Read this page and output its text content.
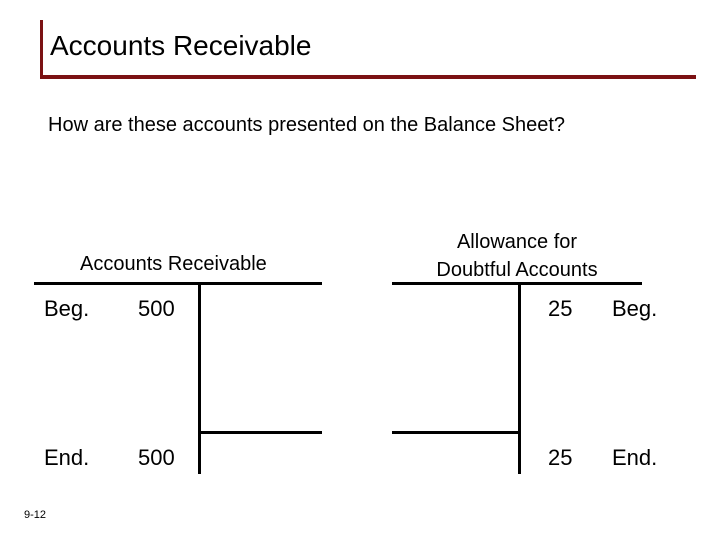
Accounts Receivable
How are these accounts presented on the Balance Sheet?
Accounts Receivable
Beg. 500
End. 500
Allowance for
Doubtful Accounts
25 Beg.
25 End.
9-12
